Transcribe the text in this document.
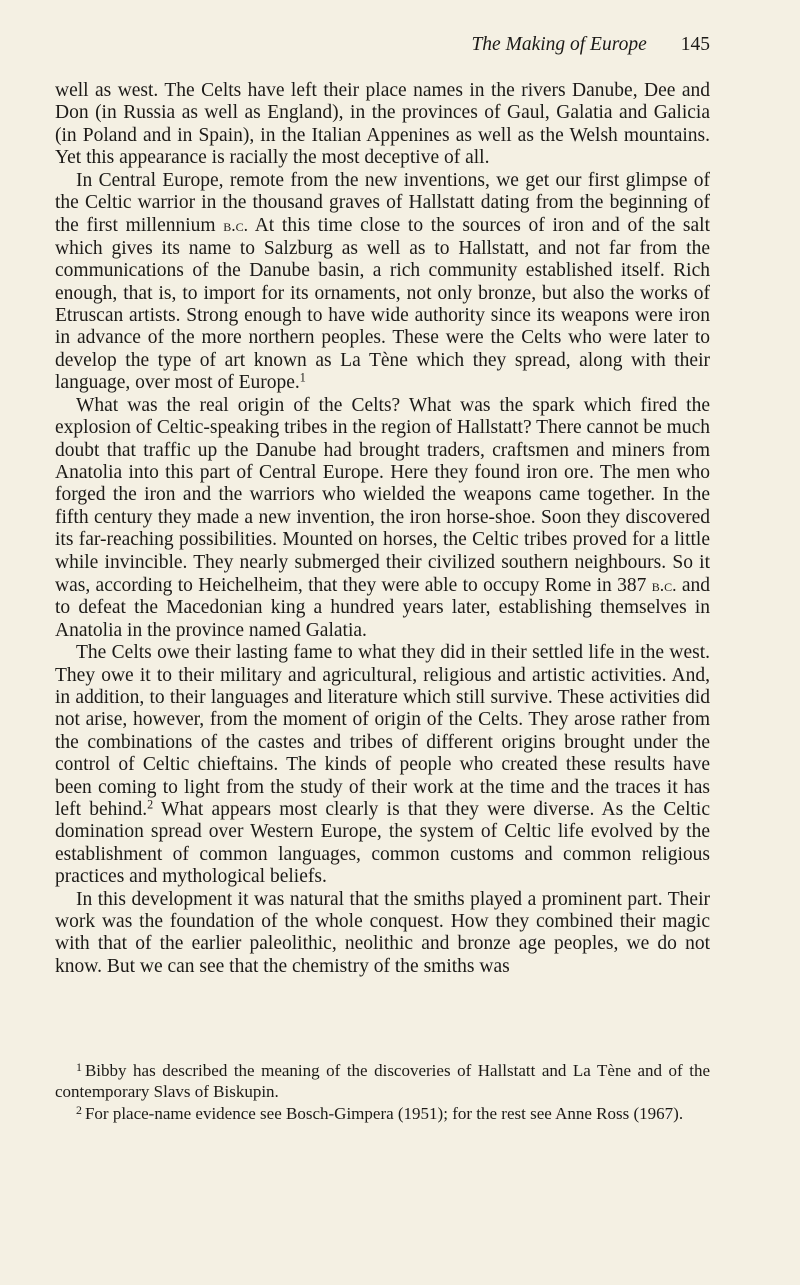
The Making of Europe 145

well as west. The Celts have left their place names in the rivers Danube, Dee and Don (in Russia as well as England), in the provinces of Gaul, Galatia and Galicia (in Poland and in Spain), in the Italian Appenines as well as the Welsh mountains. Yet this appearance is racially the most deceptive of all.

In Central Europe, remote from the new inventions, we get our first glimpse of the Celtic warrior in the thousand graves of Hallstatt dating from the beginning of the first millennium b.c. At this time close to the sources of iron and of the salt which gives its name to Salzburg as well as to Hallstatt, and not far from the communications of the Danube basin, a rich community established itself. Rich enough, that is, to import for its ornaments, not only bronze, but also the works of Etruscan artists. Strong enough to have wide authority since its weapons were iron in advance of the more northern peoples. These were the Celts who were later to develop the type of art known as La Tène which they spread, along with their language, over most of Europe.$^1$

What was the real origin of the Celts? What was the spark which fired the explosion of Celtic-speaking tribes in the region of Hallstatt? There cannot be much doubt that traffic up the Danube had brought traders, craftsmen and miners from Anatolia into this part of Central Europe. Here they found iron ore. The men who forged the iron and the warriors who wielded the weapons came together. In the fifth century they made a new invention, the iron horse-shoe. Soon they discovered its far-reaching possibilities. Mounted on horses, the Celtic tribes proved for a little while invincible. They nearly submerged their civilized southern neighbours. So it was, according to Heichelheim, that they were able to occupy Rome in 387 b.c. and to defeat the Macedonian king a hundred years later, establishing themselves in Anatolia in the province named Galatia.

The Celts owe their lasting fame to what they did in their settled life in the west. They owe it to their military and agricultural, religious and artistic activities. And, in addition, to their languages and literature which still survive. These activities did not arise, however, from the moment of origin of the Celts. They arose rather from the combinations of the castes and tribes of different origins brought under the control of Celtic chieftains. The kinds of people who created these results have been coming to light from the study of their work at the time and the traces it has left behind.$^2$ What appears most clearly is that they were diverse. As the Celtic domination spread over Western Europe, the system of Celtic life evolved by the establishment of common languages, common customs and common religious practices and mythological beliefs.

In this development it was natural that the smiths played a prominent part. Their work was the foundation of the whole conquest. How they combined their magic with that of the earlier paleolithic, neolithic and bronze age peoples, we do not know. But we can see that the chemistry of the smiths was

$^1$ Bibby has described the meaning of the discoveries of Hallstatt and La Tène and of the contemporary Slavs of Biskupin.

$^2$ For place-name evidence see Bosch-Gimpera (1951); for the rest see Anne Ross (1967).
